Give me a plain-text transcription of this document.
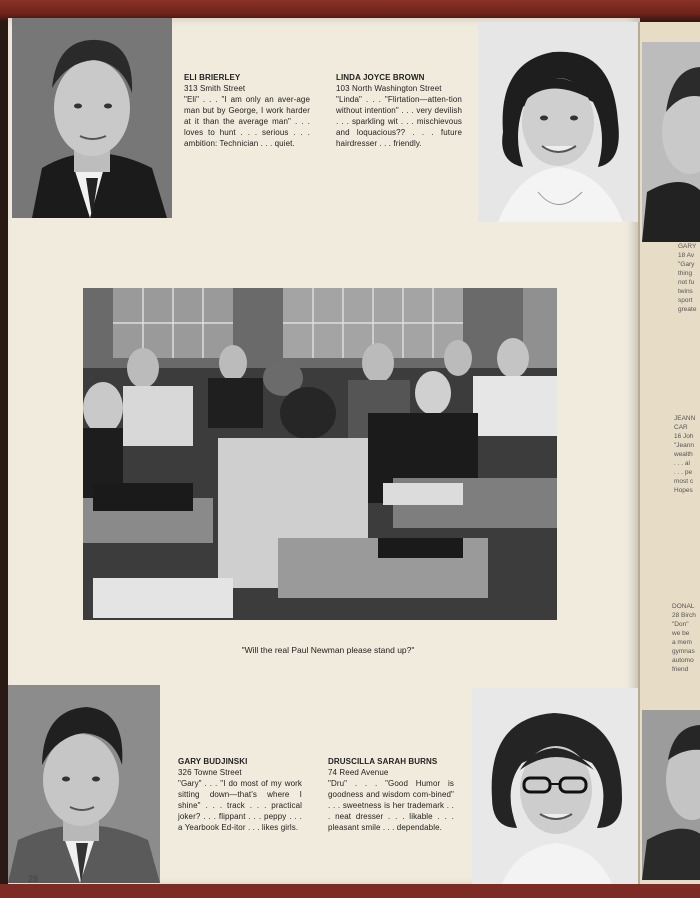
ELI BRIERLEY
313 Smith Street
"Eli" . . . "I am only an aver-age man but by George, I work harder at it than the average man" . . . loves to hunt . . . serious . . . ambition: Technician . . . quiet.
LINDA JOYCE BROWN
103 North Washington Street
"Linda" . . . "Flirtation—atten-tion without intention" . . . very devilish . . . sparkling wit . . . mischievous and loquacious?? . . . future hairdresser . . . friendly.
"Will the real Paul Newman please stand up?"
28
GARY BUDJINSKI
326 Towne Street
"Gary" . . . "I do most of my work sitting down—that's where I shine" . . . track . . . practical joker? . . . flippant . . . peppy . . . a Yearbook Ed-itor . . . likes girls.
DRUSCILLA SARAH BURNS
74 Reed Avenue
"Dru" . . . "Good Humor is goodness and wisdom com-bined" . . . sweetness is her trademark . . . neat dresser . . . likable . . . pleasant smile . . . dependable.
GARY
18 Av
"Gary
thing
not fu
twins
sport
greate
JEANN
CAR
16 Joh
"Jeann
wealth
. . . al
. . . pe
most c
Hopes
DONAL
28 Birch
"Don"
we be
a mem
gymnas
automo
friend
